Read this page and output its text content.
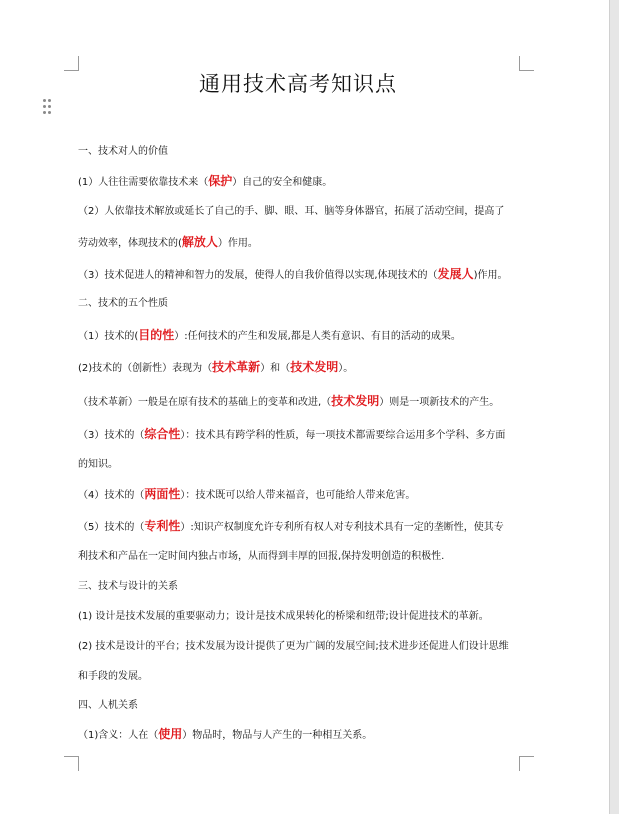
通用技术高考知识点
一、技术对人的价值
(1）人往往需要依靠技术来（保护）自己的安全和健康。
（2）人依靠技术解放或延长了自己的手、脚、眼、耳、脑等身体器官，拓展了活动空间，提高了
劳动效率，体现技术的(解放人）作用。
（3）技术促进人的精神和智力的发展，使得人的自我价值得以实现,体现技术的（发展人)作用。
二、技术的五个性质
（1）技术的(目的性）:任何技术的产生和发展,都是人类有意识、有目的活动的成果。
(2)技术的（创新性）表现为（技术革新）和（技术发明）。
（技术革新）一般是在原有技术的基础上的变革和改进,（技术发明）则是一项新技术的产生。
（3）技术的（综合性）：技术具有跨学科的性质，每一项技术都需要综合运用多个学科、多方面
的知识。
（4）技术的（两面性）：技术既可以给人带来福音，也可能给人带来危害。
（5）技术的（专利性）:知识产权制度允许专利所有权人对专利技术具有一定的垄断性，使其专
利技术和产品在一定时间内独占市场，从而得到丰厚的回报,保持发明创造的积极性.
三、技术与设计的关系
(1) 设计是技术发展的重要驱动力；设计是技术成果转化的桥梁和纽带;设计促进技术的革新。
(2) 技术是设计的平台；技术发展为设计提供了更为广阔的发展空间;技术进步还促进人们设计思维
和手段的发展。
四、人机关系
（1)含义：人在（使用）物品时，物品与人产生的一种相互关系。
